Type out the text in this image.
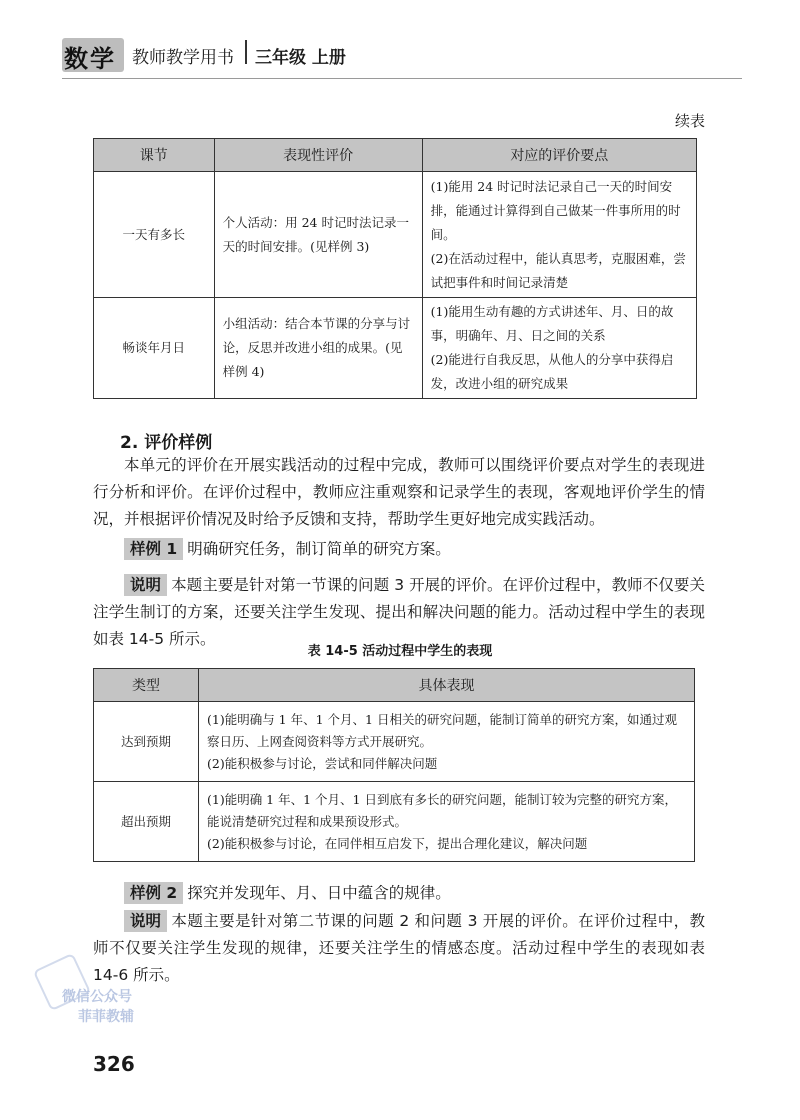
数学 教师教学用书 三年级 上册
续表
课节	表现性评价	对应的评价要点
一天有多长	个人活动：用 24 时记时法记录一天的时间安排。(见样例 3)	(1)能用 24 时记时法记录自己一天的时间安排，能通过计算得到自己做某一件事所用的时间。

(2)在活动过程中，能认真思考，克服困难，尝试把事件和时间记录清楚

畅谈年月日	小组活动：结合本节课的分享与讨论，反思并改进小组的成果。(见样例 4)	(1)能用生动有趣的方式讲述年、月、日的故事，明确年、月、日之间的关系

(2)能进行自我反思，从他人的分享中获得启发，改进小组的研究成果

2. 评价样例

本单元的评价在开展实践活动的过程中完成，教师可以围绕评价要点对学生的表现进行分析和评价。在评价过程中，教师应注重观察和记录学生的表现，客观地评价学生的情况，并根据评价情况及时给予反馈和支持，帮助学生更好地完成实践活动。

样例 1 明确研究任务，制订简单的研究方案。

说明 本题主要是针对第一节课的问题 3 开展的评价。在评价过程中，教师不仅要关注学生制订的方案，还要关注学生发现、提出和解决问题的能力。活动过程中学生的表现如表 14-5 所示。

表 14-5 活动过程中学生的表现
类型	具体表现
达到预期	(1)能明确与 1 年、1 个月、1 日相关的研究问题，能制订简单的研究方案，如通过观察日历、上网查阅资料等方式开展研究。

(2)能积极参与讨论，尝试和同伴解决问题

超出预期	(1)能明确 1 年、1 个月、1 日到底有多长的研究问题，能制订较为完整的研究方案，能说清楚研究过程和成果预设形式。

(2)能积极参与讨论，在同伴相互启发下，提出合理化建议，解决问题

样例 2 探究并发现年、月、日中蕴含的规律。

说明 本题主要是针对第二节课的问题 2 和问题 3 开展的评价。在评价过程中，教师不仅要关注学生发现的规律，还要关注学生的情感态度。活动过程中学生的表现如表 14-6 所示。

微信公众号
菲菲教辅
326
